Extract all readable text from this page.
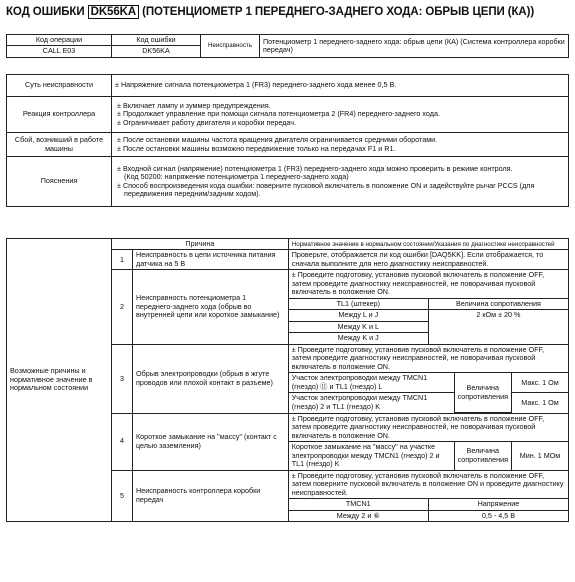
КОД ОШИБКИ DK56KA (ПОТЕНЦИОМЕТР 1 ПЕРЕДНЕГО-ЗАДНЕГО ХОДА: ОБРЫВ ЦЕПИ (КА))
Код операции	Код ошибки	Неисправность	Потенциометр 1 переднего-заднего хода: обрыв цепи (КА) (Система контроллера коробки передач)
CALL E03	DK56KA		
Суть неисправности	± Напряжение сигнала потенциометра 1 (FR3) переднего-заднего хода менее 0,5 В.
Реакция контроллера	± Включает лампу и зуммер предупреждения.
± Продолжает управление при помощи сигнала потенциометра 2 (FR4) переднего-заднего хода.
± Ограничивает работу двигателя и коробки передач.

Сбой, возникший в работе машины	± После остановки машины частота вращения двигателя ограничивается средними оборотами.
± После остановки машины возможно передвижение только на передачах F1 и R1.

Пояснения	± Входной сигнал (напряжение) потенциометра 1 (FR3) переднего-заднего хода можно проверить в режиме контроля.
(Код 50200: напряжение потенциометра 1 переднего-заднего хода)
± Способ воспроизведения кода ошибки: поверните пусковой включатель в положение ON и задействуйте рычаг PCCS (для передвижения передним/задним ходом).
Возможные причины и нормативное значение в нормальном состоянии	Причина	Нормативное значение в нормальном состоянии/Указания по диагностике неисправностей
1	Неисправность в цепи источника питания датчика на 5 В	Проверьте, отображается ли код ошибки [DAQ5KK]. Если отображается, то сначала выполните для него диагностику неисправностей.
2	Неисправность потенциометра 1 переднего-заднего хода (обрыв во внутренней цепи или короткое замыкание)	
± Проведите подготовку, установив пусковой включатель в положение OFF, затем проведите диагностику неисправностей, не поворачивая пусковой включатель в положение ON.
TL1 (штекер)	Величина сопротивления
Между L и J	2 кОм ± 20 %
Между K и L
Между K и J

3	Обрыв электропроводки (обрыв в жгуте проводов или плохой контакт в разъеме)	
± Проведите подготовку, установив пусковой включатель в положение OFF, затем проведите диагностику неисправностей, не поворачивая пусковой включатель в положение ON.
Участок электропроводки между TMCN1 (гнездо) ⑪ и TL1 (гнездо) L	Величина сопротивления	Макс. 1 Ом
Участок электропроводки между TMCN1 (гнездо) 2 и TL1 (гнездо) K	Макс. 1 Ом

4	Короткое замыкание на "массу" (контакт с целью заземления)	
± Проведите подготовку, установив пусковой включатель в положение OFF, затем проведите диагностику неисправностей, не поворачивая пусковой включатель в положение ON.
Короткое замыкание на "массу" на участке электропроводки между TMCN1 (гнездо) 2 и TL1 (гнездо) K	Величина сопротивления	Мин. 1 МОм

5	Неисправность контроллера коробки передач	
± Проведите подготовку, установив пусковой включатель в положение OFF, затем поверните пусковой включатель в положение ON и проведите диагностику неисправностей.
TMCN1	Напряжение
Между 2 и ⑥	0,5 - 4,5 В
